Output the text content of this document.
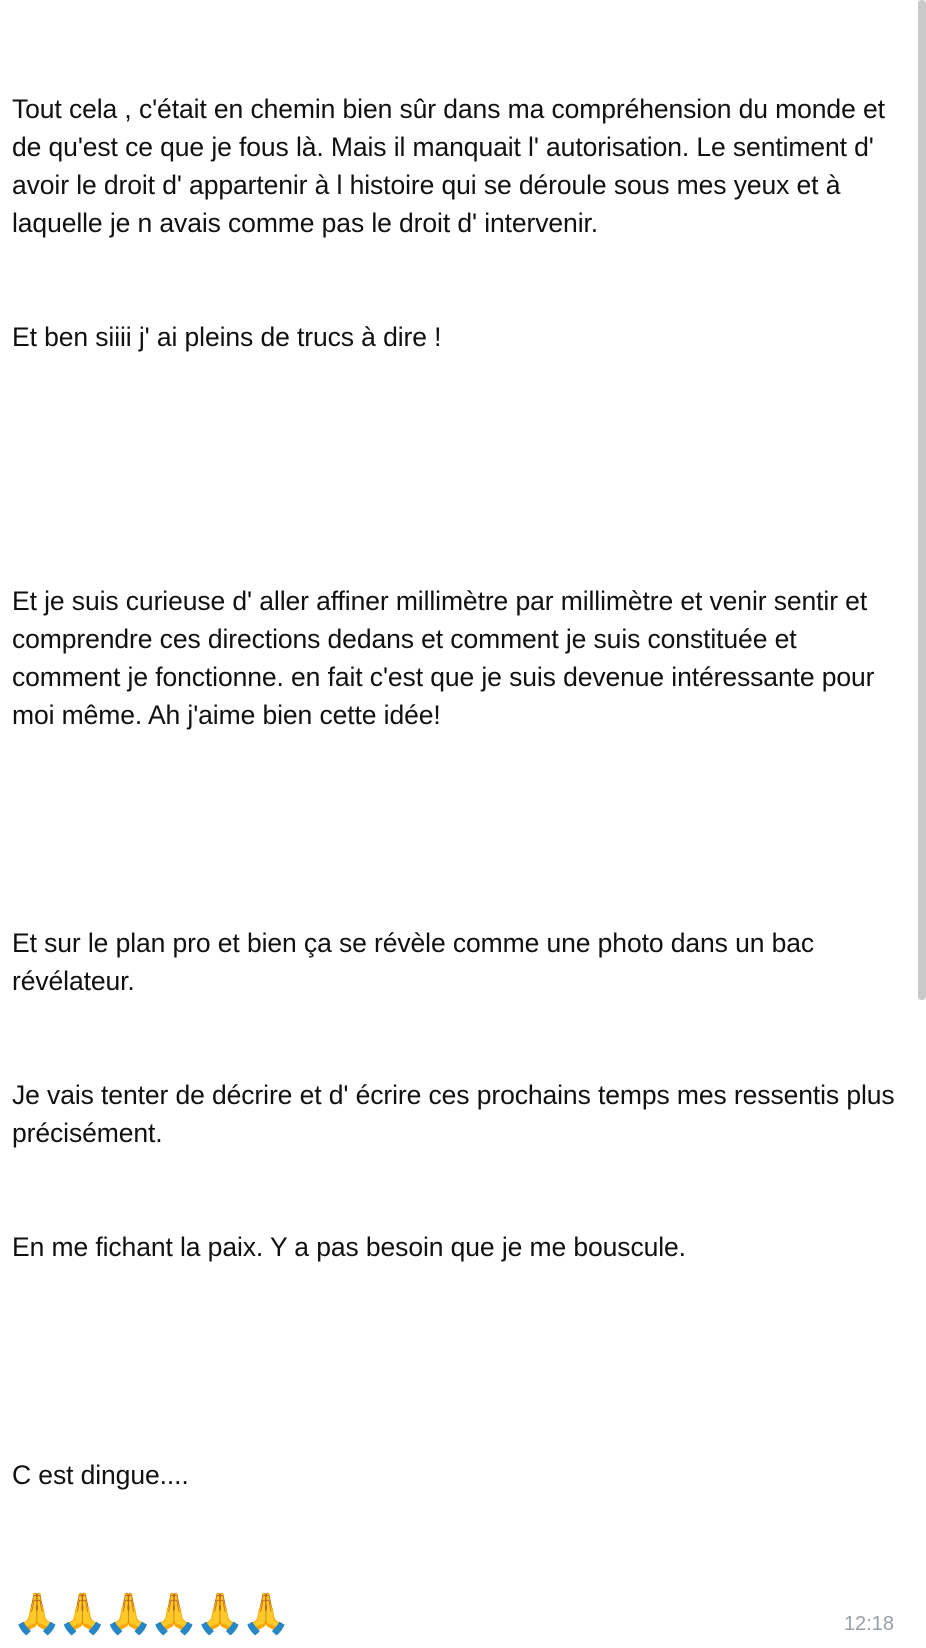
Tout cela , c'était en chemin bien sûr dans ma compréhension du monde et de qu'est ce que je fous là. Mais il manquait l' autorisation. Le sentiment d' avoir le droit d' appartenir à l histoire qui se déroule sous mes yeux et à laquelle je n avais comme pas le droit d' intervenir.

Et ben siiii j' ai pleins de trucs à dire !

Et je suis curieuse d' aller affiner millimètre par millimètre et venir sentir et comprendre ces directions dedans et comment je suis constituée et comment je fonctionne. en fait c'est que je suis devenue intéressante pour moi même. Ah j'aime bien cette idée!

Et sur le plan pro et bien ça se révèle comme une photo dans un bac  révélateur.

Je vais tenter de décrire et d' écrire ces prochains temps mes ressentis plus précisément.

En me fichant la paix. Y a pas besoin que je me bouscule.

C est dingue....

🙏🙏🙏🙏🙏🙏	12:18
